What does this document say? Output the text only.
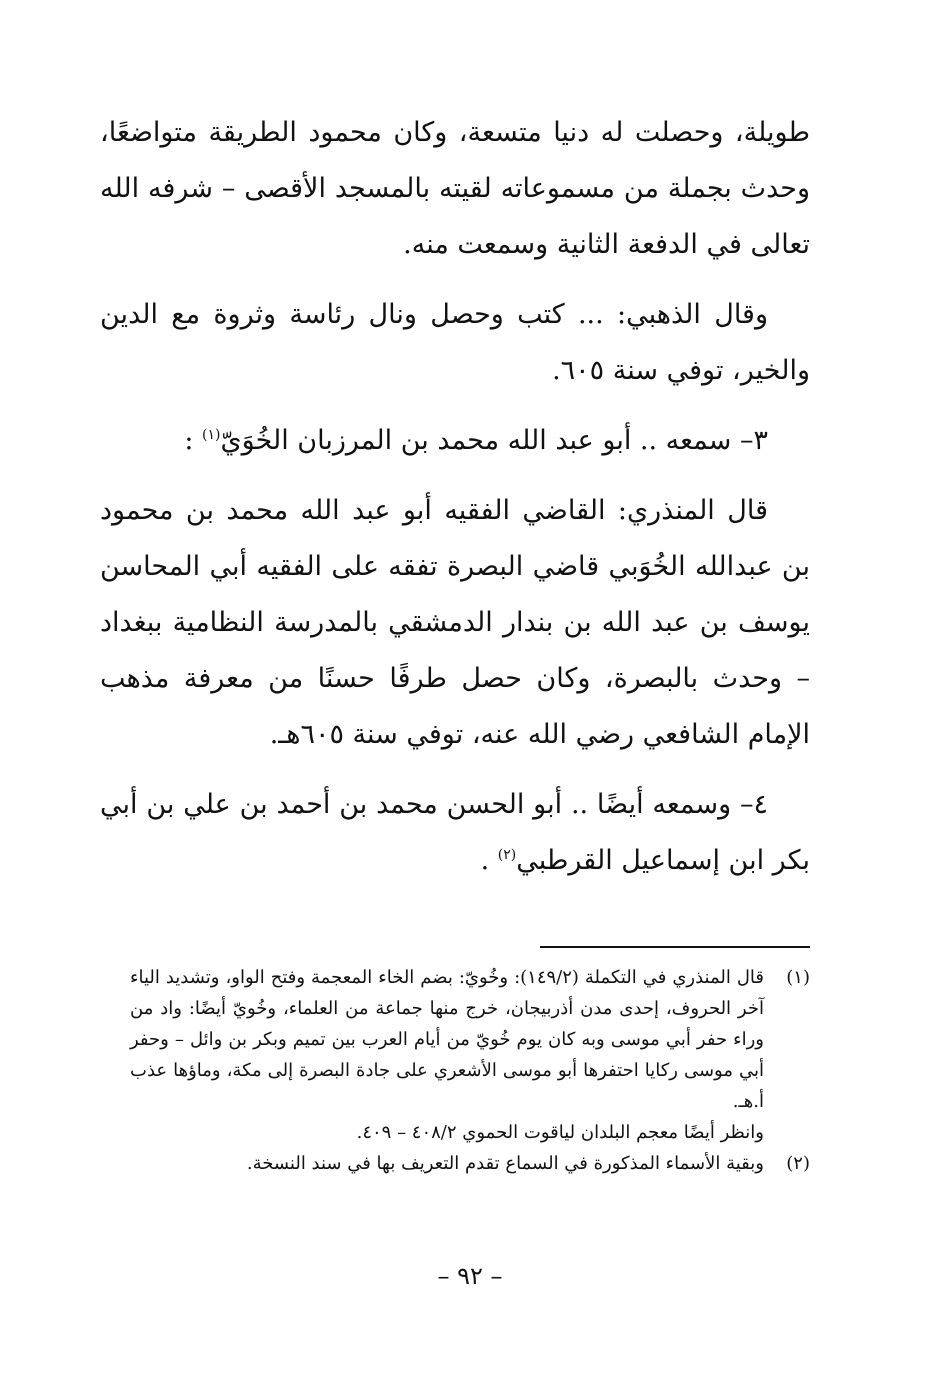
طويلة، وحصلت له دنيا متسعة، وكان محمود الطريقة متواضعًا، وحدث بجملة من مسموعاته لقيته بالمسجد الأقصى – شرفه الله تعالى في الدفعة الثانية وسمعت منه.

وقال الذهبي: ... كتب وحصل ونال رئاسة وثروة مع الدين والخير، توفي سنة ٦٠٥.

٣– سمعه .. أبو عبد الله محمد بن المرزبان الخُوَيّ$^{(١)}$ :

قال المنذري: القاضي الفقيه أبو عبد الله محمد بن محمود بن عبدالله الخُوَبي قاضي البصرة تفقه على الفقيه أبي المحاسن يوسف بن عبد الله بن بندار الدمشقي بالمدرسة النظامية ببغداد – وحدث بالبصرة، وكان حصل طرفًا حسنًا من معرفة مذهب الإمام الشافعي رضي الله عنه، توفي سنة ٦٠٥هـ.

٤– وسمعه أيضًا .. أبو الحسن محمد بن أحمد بن علي بن أبي بكر ابن إسماعيل القرطبي$^{(٢)}$ .

(١)
قال المنذري في التكملة (١٤٩/٢): وخُويّ: بضم الخاء المعجمة وفتح الواو، وتشديد الياء آخر الحروف، إحدى مدن أذربيجان، خرج منها جماعة من العلماء، وخُويّ أيضًا: واد من وراء حفر أبي موسى وبه كان يوم خُويّ من أيام العرب بين تميم وبكر بن وائل – وحفر أبي موسى ركايا احتفرها أبو موسى الأشعري على جادة البصرة إلى مكة، وماؤها عذب أ.هـ.
وانظر أيضًا معجم البلدان لياقوت الحموي ٤٠٨/٢ – ٤٠٩.
(٢)
وبقية الأسماء المذكورة في السماع تقدم التعريف بها في سند النسخة.
– ٩٢ –
